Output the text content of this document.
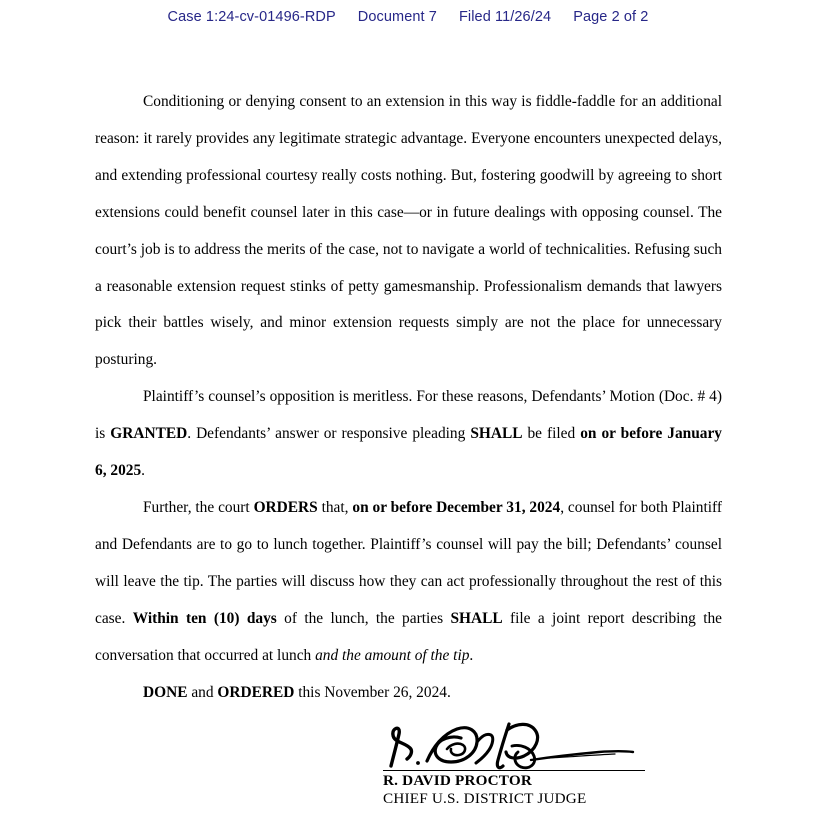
Case 1:24-cv-01496-RDP Document 7 Filed 11/26/24 Page 2 of 2

Conditioning or denying consent to an extension in this way is fiddle-faddle for an additional reason: it rarely provides any legitimate strategic advantage. Everyone encounters unexpected delays, and extending professional courtesy really costs nothing. But, fostering goodwill by agreeing to short extensions could benefit counsel later in this case—or in future dealings with opposing counsel. The court’s job is to address the merits of the case, not to navigate a world of technicalities. Refusing such a reasonable extension request stinks of petty gamesmanship. Professionalism demands that lawyers pick their battles wisely, and minor extension requests simply are not the place for unnecessary posturing.

Plaintiff’s counsel’s opposition is meritless. For these reasons, Defendants’ Motion (Doc. # 4) is GRANTED. Defendants’ answer or responsive pleading SHALL be filed on or before January 6, 2025.

Further, the court ORDERS that, on or before December 31, 2024, counsel for both Plaintiff and Defendants are to go to lunch together. Plaintiff’s counsel will pay the bill; Defendants’ counsel will leave the tip. The parties will discuss how they can act professionally throughout the rest of this case. Within ten (10) days of the lunch, the parties SHALL file a joint report describing the conversation that occurred at lunch and the amount of the tip.

DONE and ORDERED this November 26, 2024.

R. DAVID PROCTOR
CHIEF U.S. DISTRICT JUDGE
